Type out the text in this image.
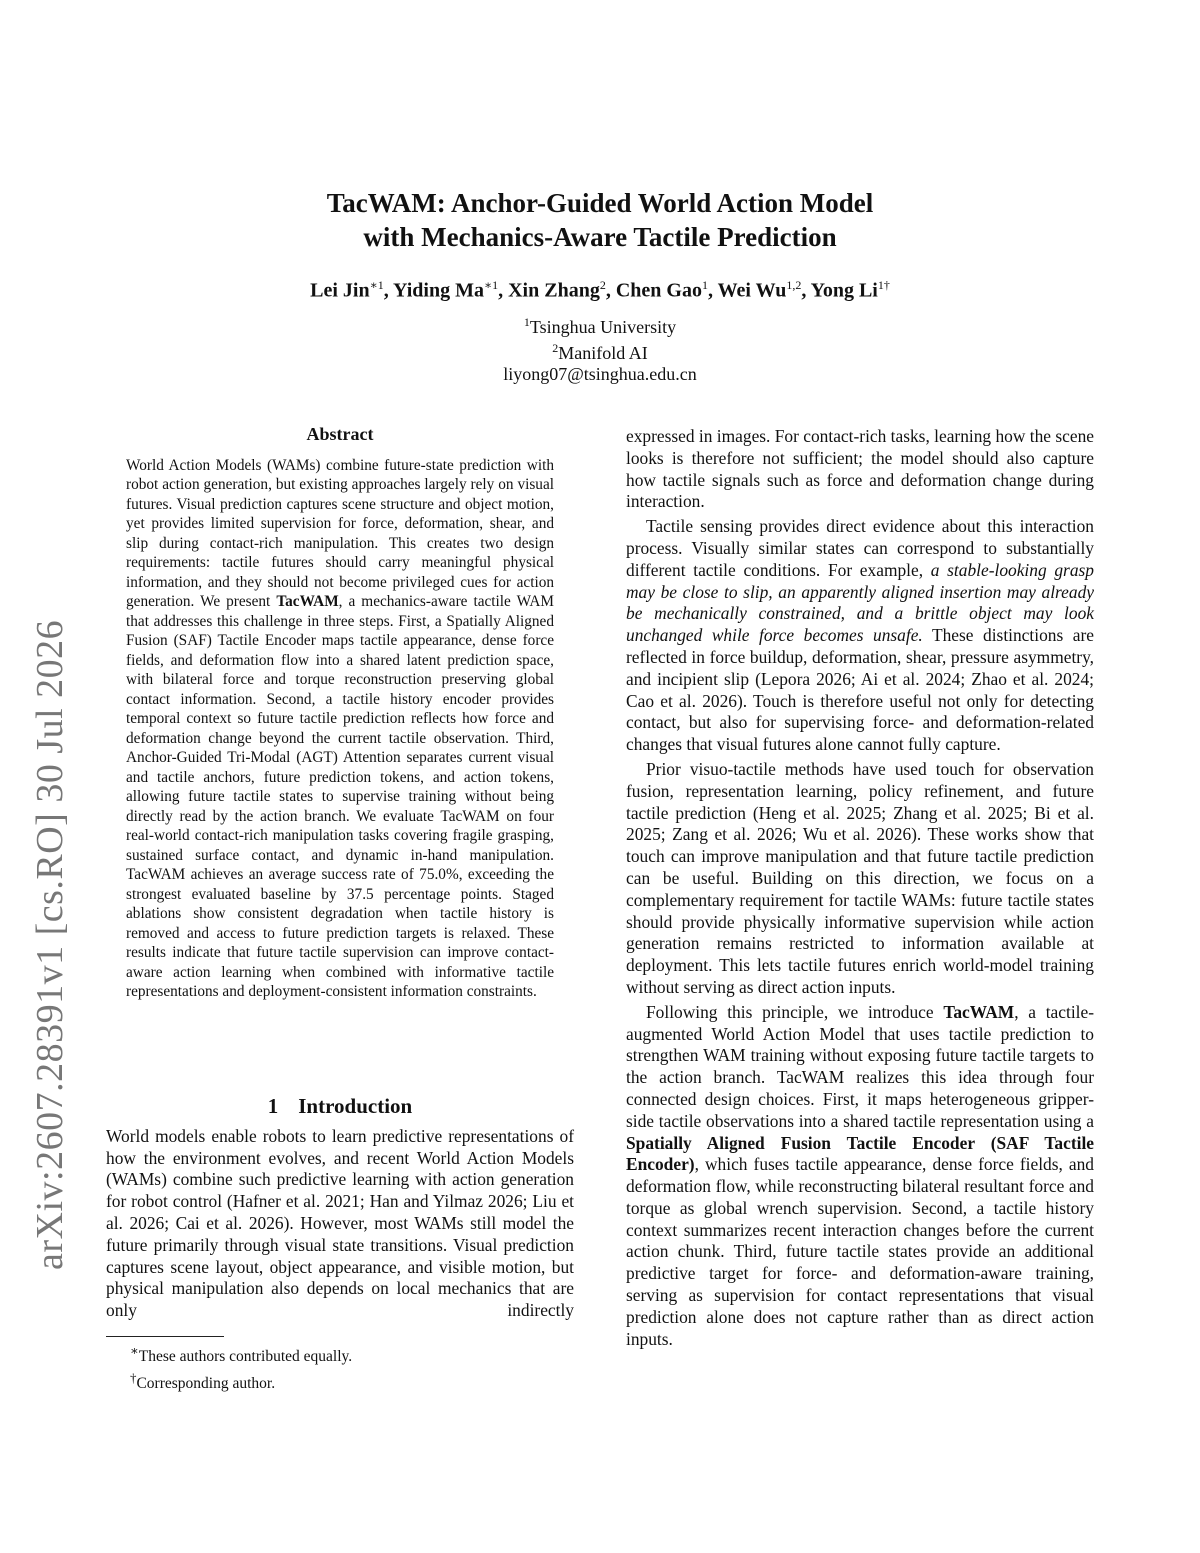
arXiv:2607.28391v1 [cs.RO] 30 Jul 2026
TacWAM: Anchor-Guided World Action Model
with Mechanics-Aware Tactile Prediction
Lei Jin$^{∗1}$, Yiding $Ma^{∗1}$, Xin Zhang$^2$, Chen Gao$^1$, Wei Wu$^{1,2}$, Yong $Li^{1\dagger}$
$^1$Tsinghua University
$^2$Manifold AI
liyong07@tsinghua.edu.cn
Abstract

World Action Models (WAMs) combine future-state prediction with robot action generation, but existing approaches largely rely on visual futures. Visual prediction captures scene structure and object motion, yet provides limited supervision for force, deformation, shear, and slip during contact-rich manipulation. This creates two design requirements: tactile futures should carry meaningful physical information, and they should not become privileged cues for action generation. We present TacWAM, a mechanics-aware tactile WAM that addresses this challenge in three steps. First, a Spatially Aligned Fusion (SAF) Tactile Encoder maps tactile appearance, dense force fields, and deformation flow into a shared latent prediction space, with bilateral force and torque reconstruction preserving global contact information. Second, a tactile history encoder provides temporal context so future tactile prediction reflects how force and deformation change beyond the current tactile observation. Third, Anchor-Guided Tri-Modal (AGT) Attention separates current visual and tactile anchors, future prediction tokens, and action tokens, allowing future tactile states to supervise training without being directly read by the action branch. We evaluate TacWAM on four real-world contact-rich manipulation tasks covering fragile grasping, sustained surface contact, and dynamic in-hand manipulation. TacWAM achieves an average success rate of 75.0%, exceeding the strongest evaluated baseline by 37.5 percentage points. Staged ablations show consistent degradation when tactile history is removed and access to future prediction targets is relaxed. These results indicate that future tactile supervision can improve contact-aware action learning when combined with informative tactile representations and deployment-consistent information constraints.

1 Introduction

World models enable robots to learn predictive representations of how the environment evolves, and recent World Action Models (WAMs) combine such predictive learning with action generation for robot control (Hafner et al. 2021; Han and Yilmaz 2026; Liu et al. 2026; Cai et al. 2026). However, most WAMs still model the future primarily through visual state transitions. Visual prediction captures scene layout, object appearance, and visible motion, but physical manipulation also depends on local mechanics that are only indirectly

expressed in images. For contact-rich tasks, learning how the scene looks is therefore not sufficient; the model should also capture how tactile signals such as force and deformation change during interaction.

Tactile sensing provides direct evidence about this interaction process. Visually similar states can correspond to substantially different tactile conditions. For example, a stable-looking grasp may be close to slip, an apparently aligned insertion may already be mechanically constrained, and a brittle object may look unchanged while force becomes unsafe. These distinctions are reflected in force buildup, deformation, shear, pressure asymmetry, and incipient slip (Lepora 2026; Ai et al. 2024; Zhao et al. 2024; Cao et al. 2026). Touch is therefore useful not only for detecting contact, but also for supervising force- and deformation-related changes that visual futures alone cannot fully capture.

Prior visuo-tactile methods have used touch for observation fusion, representation learning, policy refinement, and future tactile prediction (Heng et al. 2025; Zhang et al. 2025; Bi et al. 2025; Zang et al. 2026; Wu et al. 2026). These works show that touch can improve manipulation and that future tactile prediction can be useful. Building on this direction, we focus on a complementary requirement for tactile WAMs: future tactile states should provide physically informative supervision while action generation remains restricted to information available at deployment. This lets tactile futures enrich world-model training without serving as direct action inputs.

Following this principle, we introduce TacWAM, a tactile-augmented World Action Model that uses tactile prediction to strengthen WAM training without exposing future tactile targets to the action branch. TacWAM realizes this idea through four connected design choices. First, it maps heterogeneous gripper-side tactile observations into a shared tactile representation using a Spatially Aligned Fusion Tactile Encoder (SAF Tactile Encoder), which fuses tactile appearance, dense force fields, and deformation flow, while reconstructing bilateral resultant force and torque as global wrench supervision. Second, a tactile history context summarizes recent interaction changes before the current action chunk. Third, future tactile states provide an additional predictive target for force- and deformation-aware training, serving as supervision for contact representations that visual prediction alone does not capture rather than as direct action inputs.

∗These authors contributed equally.
†Corresponding author.
